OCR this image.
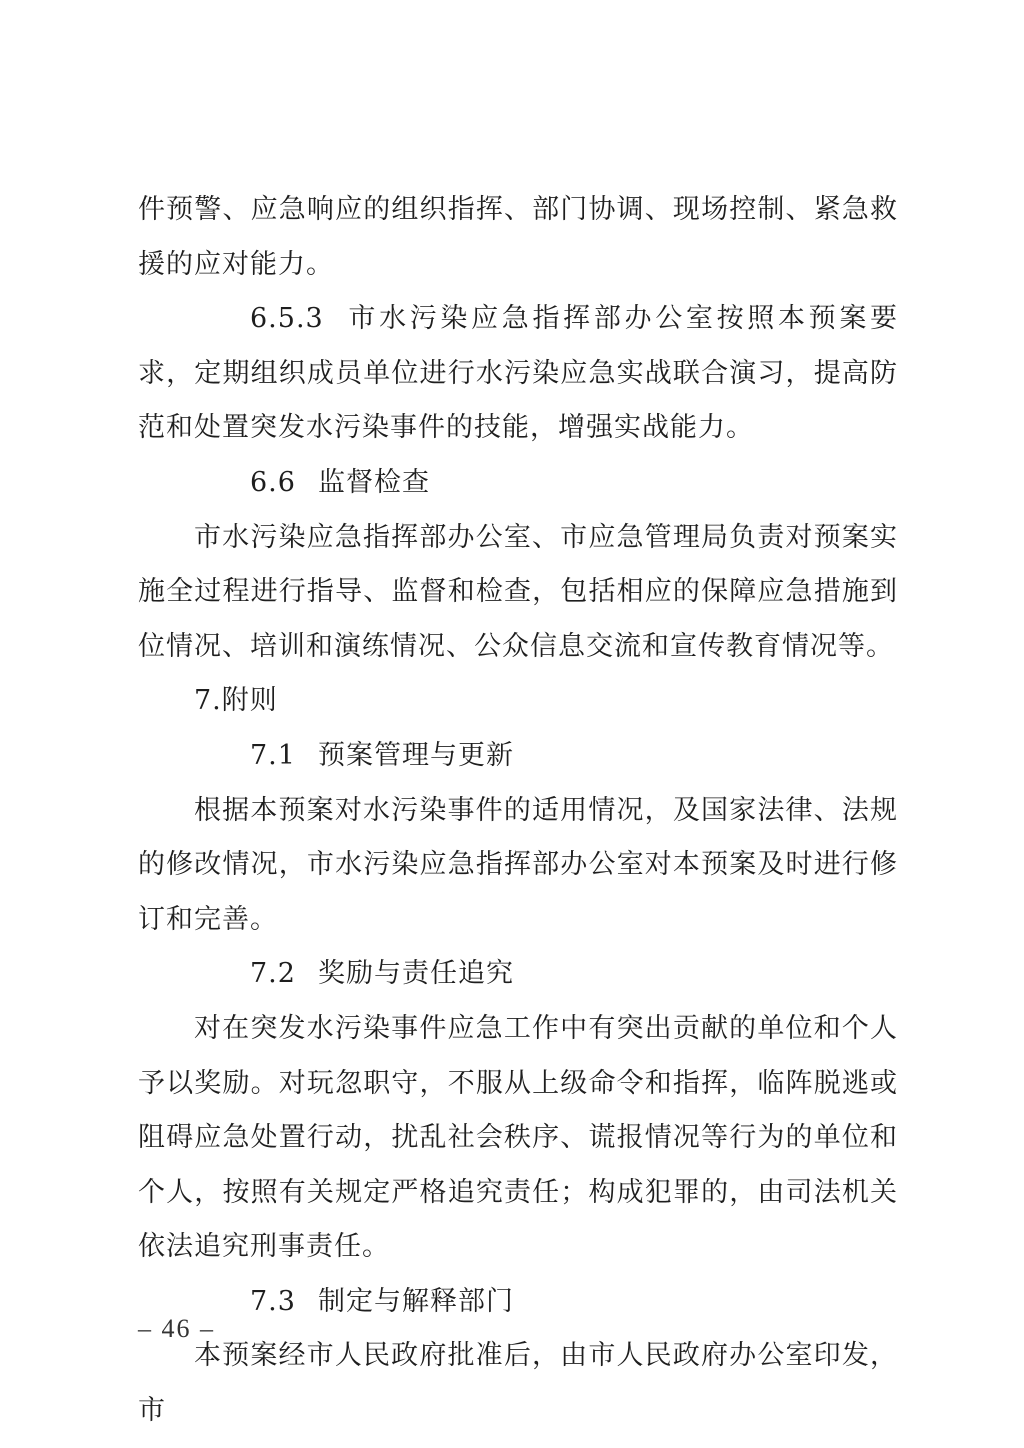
件预警、应急响应的组织指挥、部门协调、现场控制、紧急救援的应对能力。

6.5.3 市水污染应急指挥部办公室按照本预案要求，定期组织成员单位进行水污染应急实战联合演习，提高防范和处置突发水污染事件的技能，增强实战能力。

6.6 监督检查

市水污染应急指挥部办公室、市应急管理局负责对预案实施全过程进行指导、监督和检查，包括相应的保障应急措施到位情况、培训和演练情况、公众信息交流和宣传教育情况等。

7.附则

7.1 预案管理与更新

根据本预案对水污染事件的适用情况，及国家法律、法规的修改情况，市水污染应急指挥部办公室对本预案及时进行修订和完善。

7.2 奖励与责任追究

对在突发水污染事件应急工作中有突出贡献的单位和个人予以奖励。对玩忽职守，不服从上级命令和指挥，临阵脱逃或阻碍应急处置行动，扰乱社会秩序、谎报情况等行为的单位和个人，按照有关规定严格追究责任；构成犯罪的，由司法机关依法追究刑事责任。

7.3 制定与解释部门

本预案经市人民政府批准后，由市人民政府办公室印发，市

– 46 –
